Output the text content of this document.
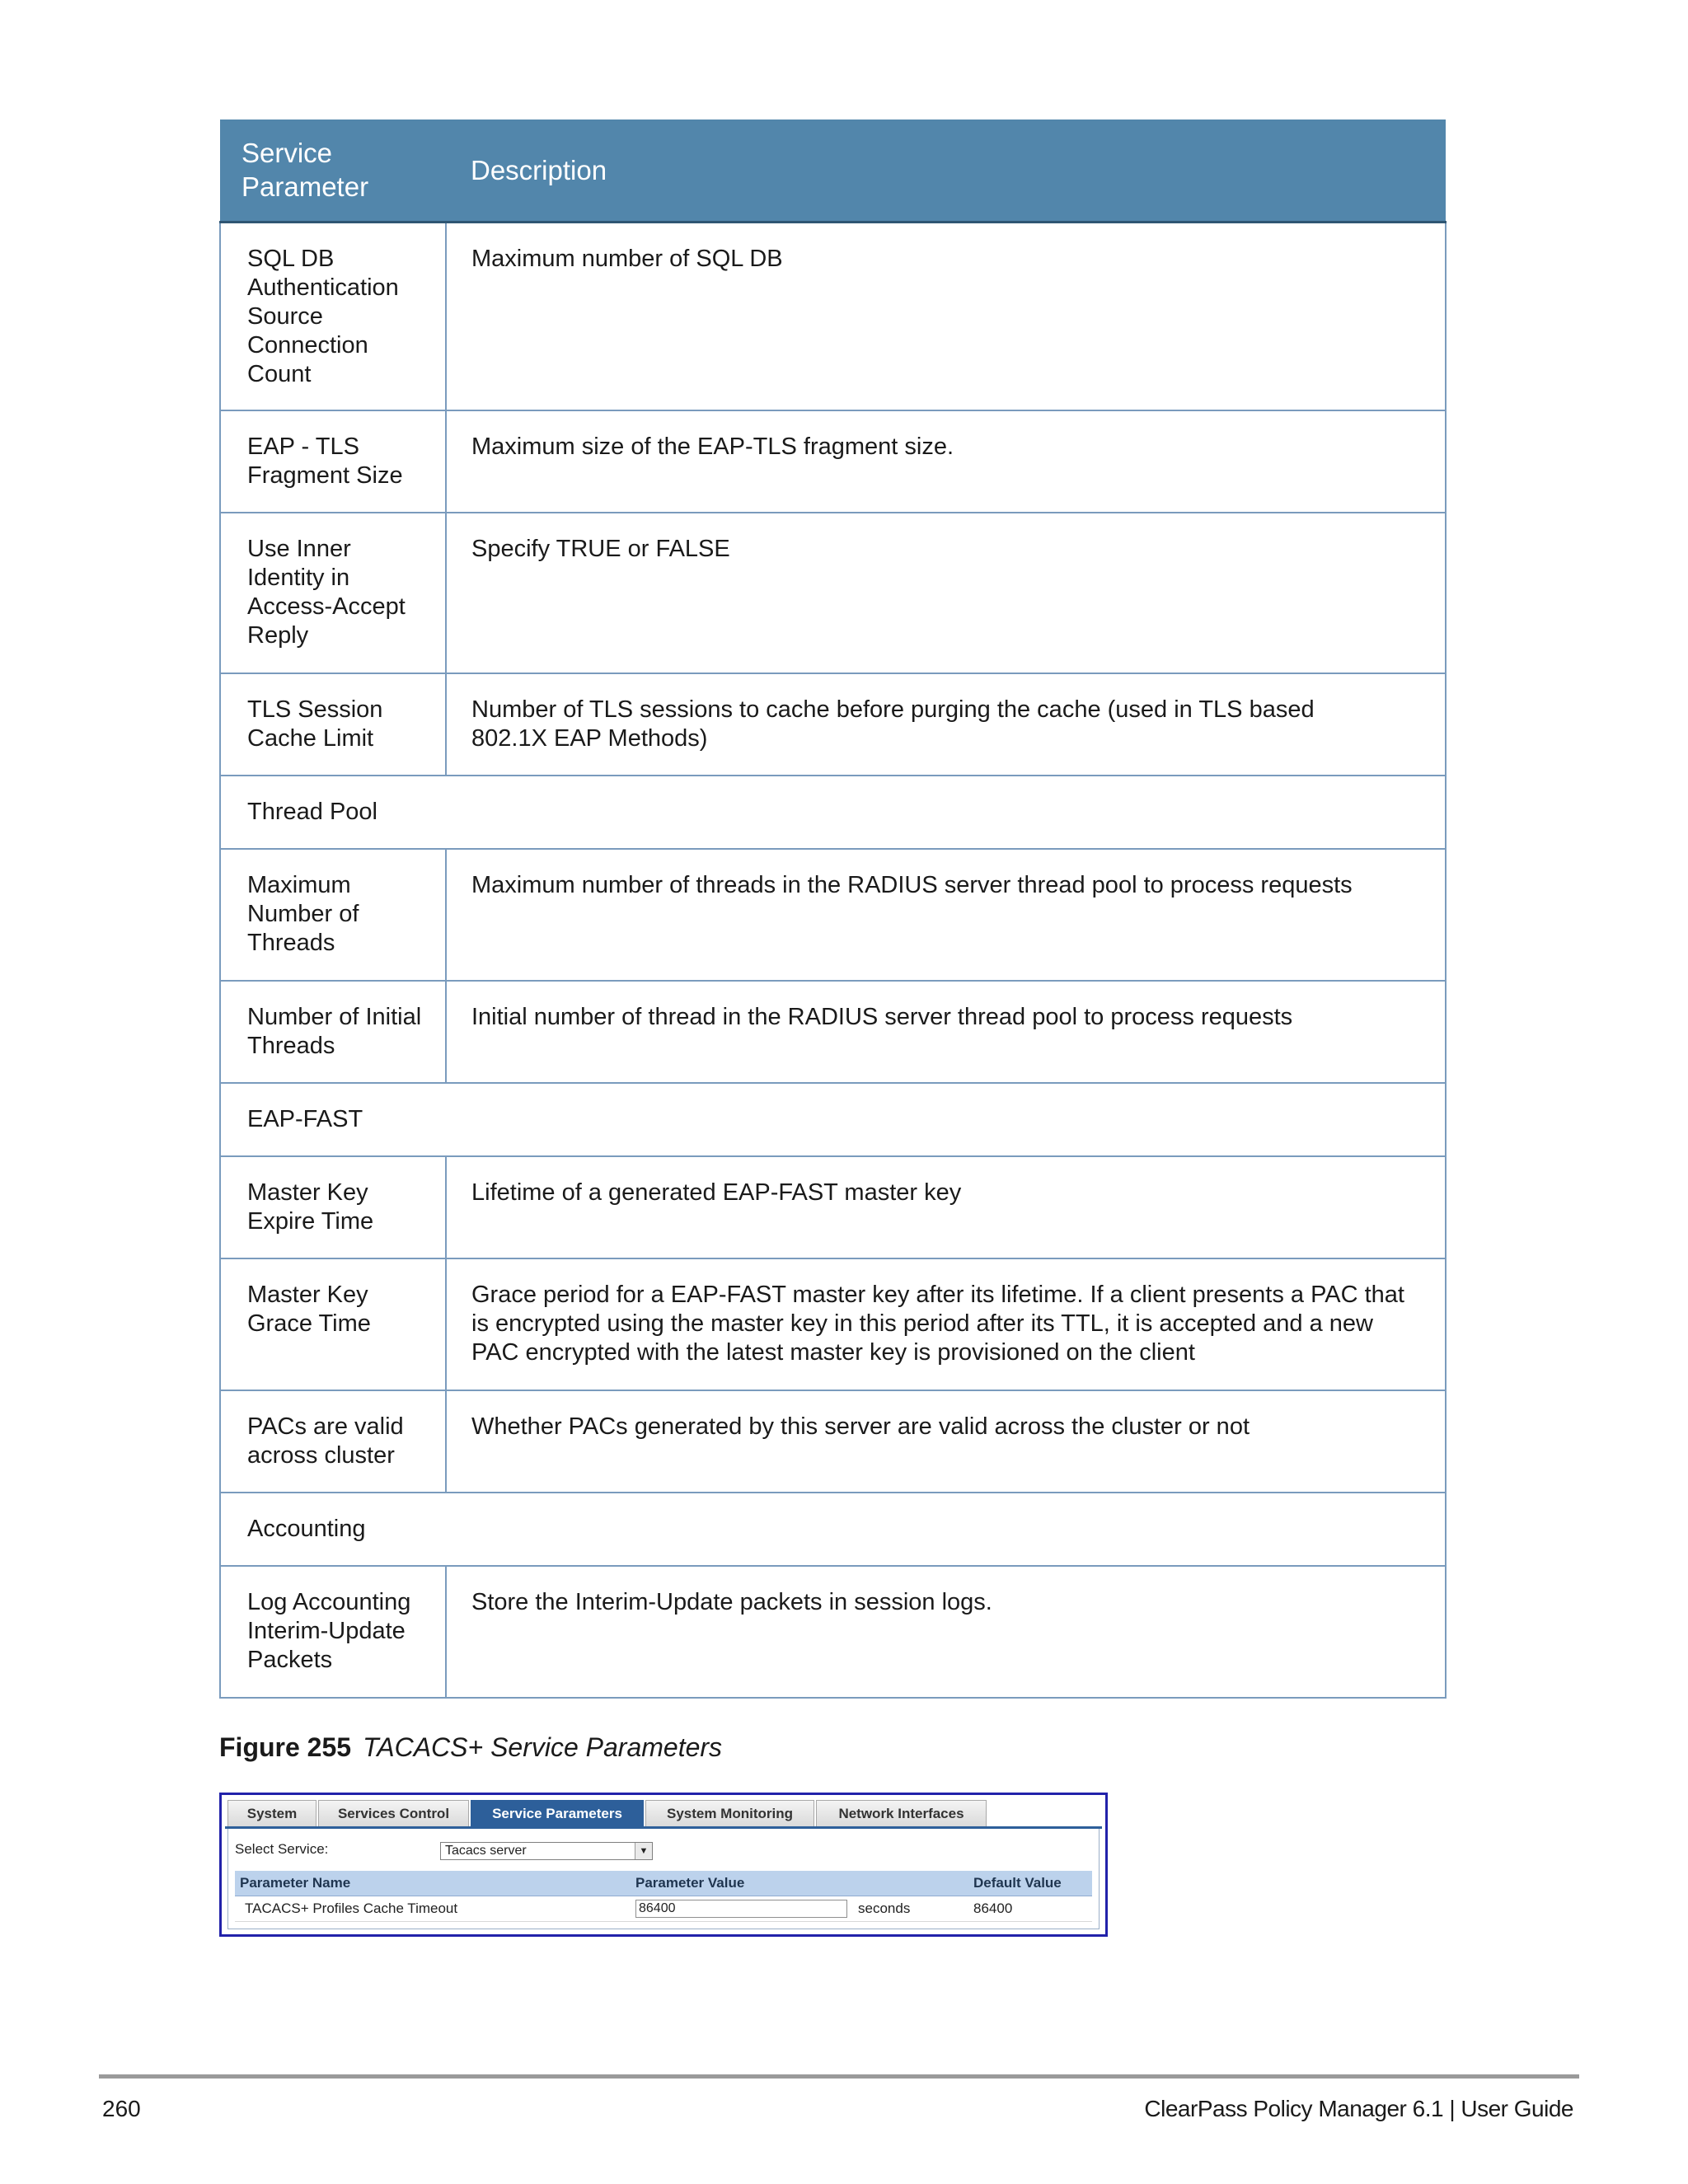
Service Parameter	Description
SQL DB Authentication Source Connection Count	Maximum number of SQL DB
EAP - TLS Fragment Size	Maximum size of the EAP-TLS fragment size.
Use Inner Identity in Access-Accept Reply	Specify TRUE or FALSE
TLS Session Cache Limit	Number of TLS sessions to cache before purging the cache (used in TLS based 802.1X EAP Methods)
Thread Pool	
Maximum Number of Threads	Maximum number of threads in the RADIUS server thread pool to process requests
Number of Initial Threads	Initial number of thread in the RADIUS server thread pool to process requests
EAP-FAST	
Master Key Expire Time	Lifetime of a generated EAP-FAST master key
Master Key Grace Time	Grace period for a EAP-FAST master key after its lifetime. If a client presents a PAC that is encrypted using the master key in this period after its TTL, it is accepted and a new PAC encrypted with the latest master key is provisioned on the client
PACs are valid across cluster	Whether PACs generated by this server are valid across the cluster or not
Accounting	
Log Accounting Interim-Update Packets	Store the Interim-Update packets in session logs.
Figure 255 TACACS+ Service Parameters
System	Services Control	Service Parameters	System Monitoring	Network Interfaces
Select Service:	Tacacs server	▼
Parameter Name	Parameter Value	Default Value
TACACS+ Profiles Cache Timeout	86400	seconds	86400
260	ClearPass Policy Manager 6.1 | User Guide
